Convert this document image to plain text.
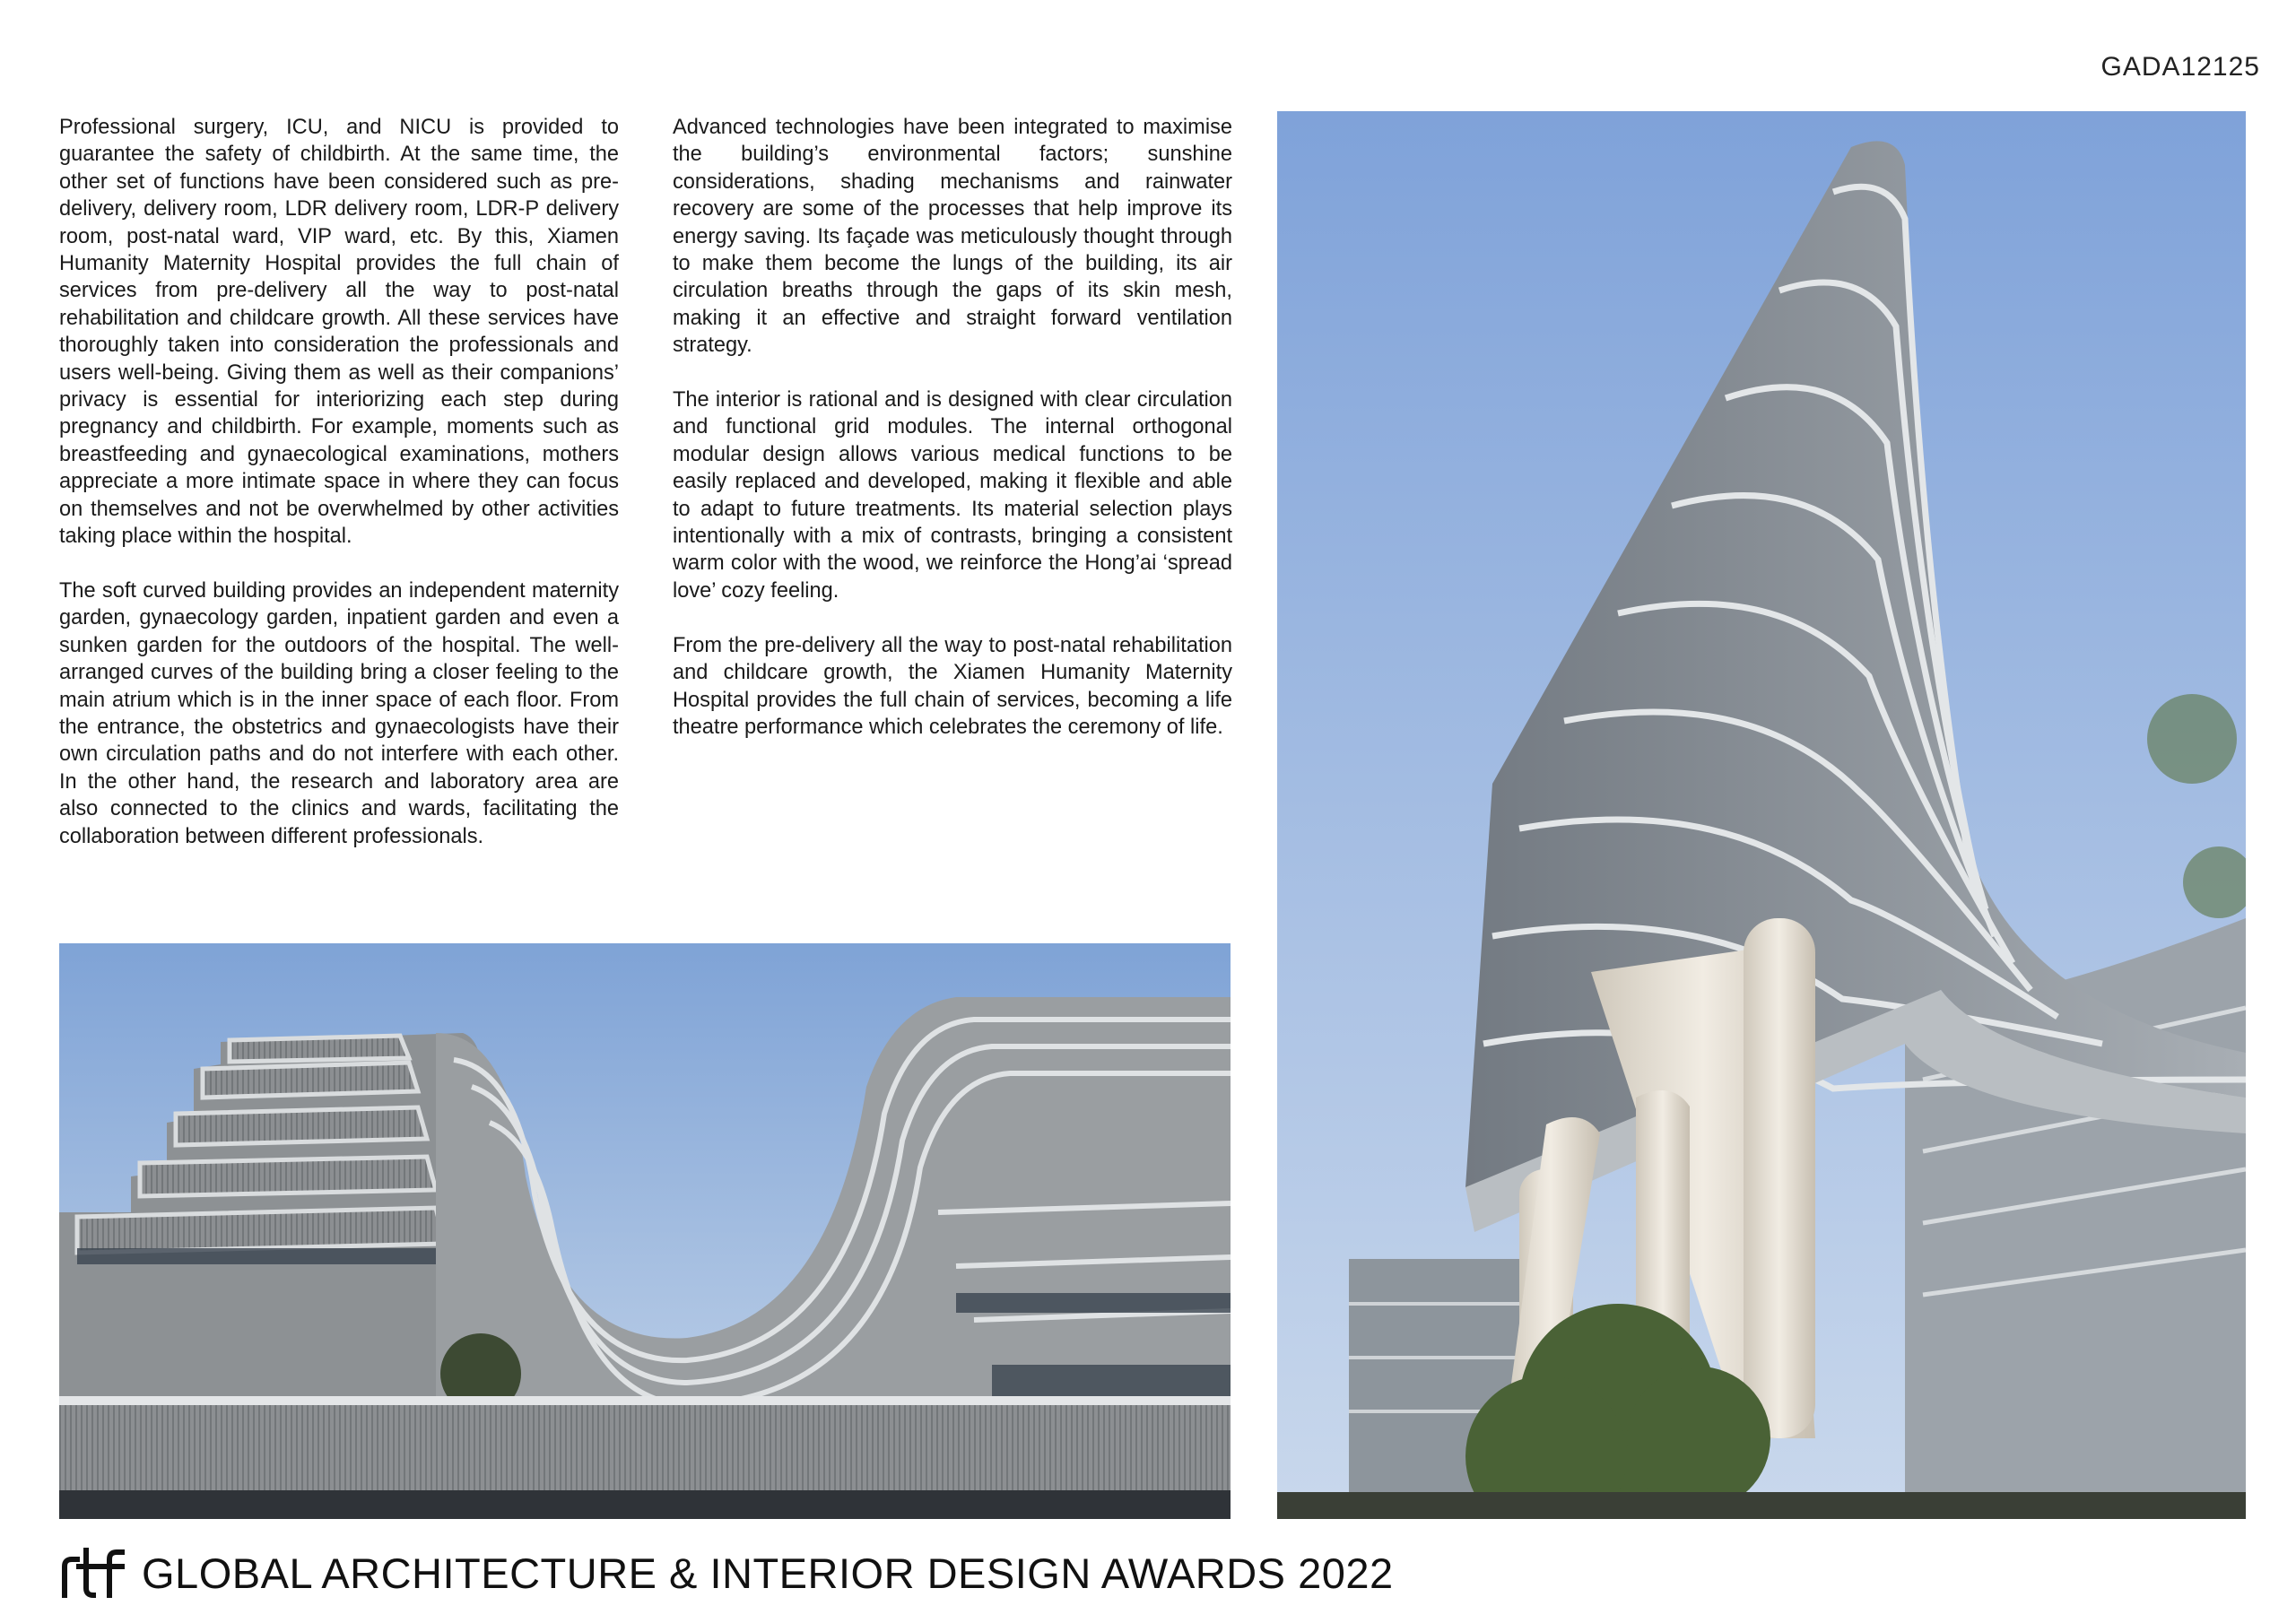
GADA12125

Professional surgery, ICU, and NICU is provided to guarantee the safety of childbirth. At the same time, the other set of functions have been considered such as pre-delivery, delivery room, LDR delivery room, LDR-P delivery room, post-natal ward, VIP ward, etc. By this, Xiamen Humanity Maternity Hospital provides the full chain of services from pre-delivery all the way to post-natal rehabilitation and childcare growth. All these services have thoroughly taken into consideration the professionals and users well-being. Giving them as well as their companions’ privacy is essential for interiorizing each step during pregnancy and childbirth. For example, moments such as breastfeeding and gynaecological examinations, mothers appreciate a more intimate space in where they can focus on themselves and not be overwhelmed by other activities taking place within the hospital.

The soft curved building provides an independent maternity garden, gynaecology garden, inpatient garden and even a sunken garden for the outdoors of the hospital. The well-arranged curves of the building bring a closer feeling to the main atrium which is in the inner space of each floor. From the entrance, the obstetrics and gynaecologists have their own circulation paths and do not interfere with each other. In the other hand, the research and laboratory area are also connected to the clinics and wards, facilitating the collaboration between different professionals.

Advanced technologies have been integrated to maximise the building’s environmental factors; sunshine considerations, shading mechanisms and rainwater recovery are some of the processes that help improve its energy saving. Its façade was meticulously thought through to make them become the lungs of the building, its air circulation breaths through the gaps of its skin mesh, making it an effective and straight forward ventilation strategy.

The interior is rational and is designed with clear circulation and functional grid modules. The internal orthogonal modular design allows various medical functions to be easily replaced and developed, making it flexible and able to adapt to future treatments. Its material selection plays intentionally with a mix of contrasts, bringing a consistent warm color with the wood, we reinforce the Hong’ai ‘spread love’ cozy feeling.

From the pre-delivery all the way to post-natal rehabilitation and childcare growth, the Xiamen Humanity Maternity Hospital provides the full chain of services, becoming a life theatre performance which celebrates the ceremony of life.

GLOBAL ARCHITECTURE & INTERIOR DESIGN AWARDS 2022
